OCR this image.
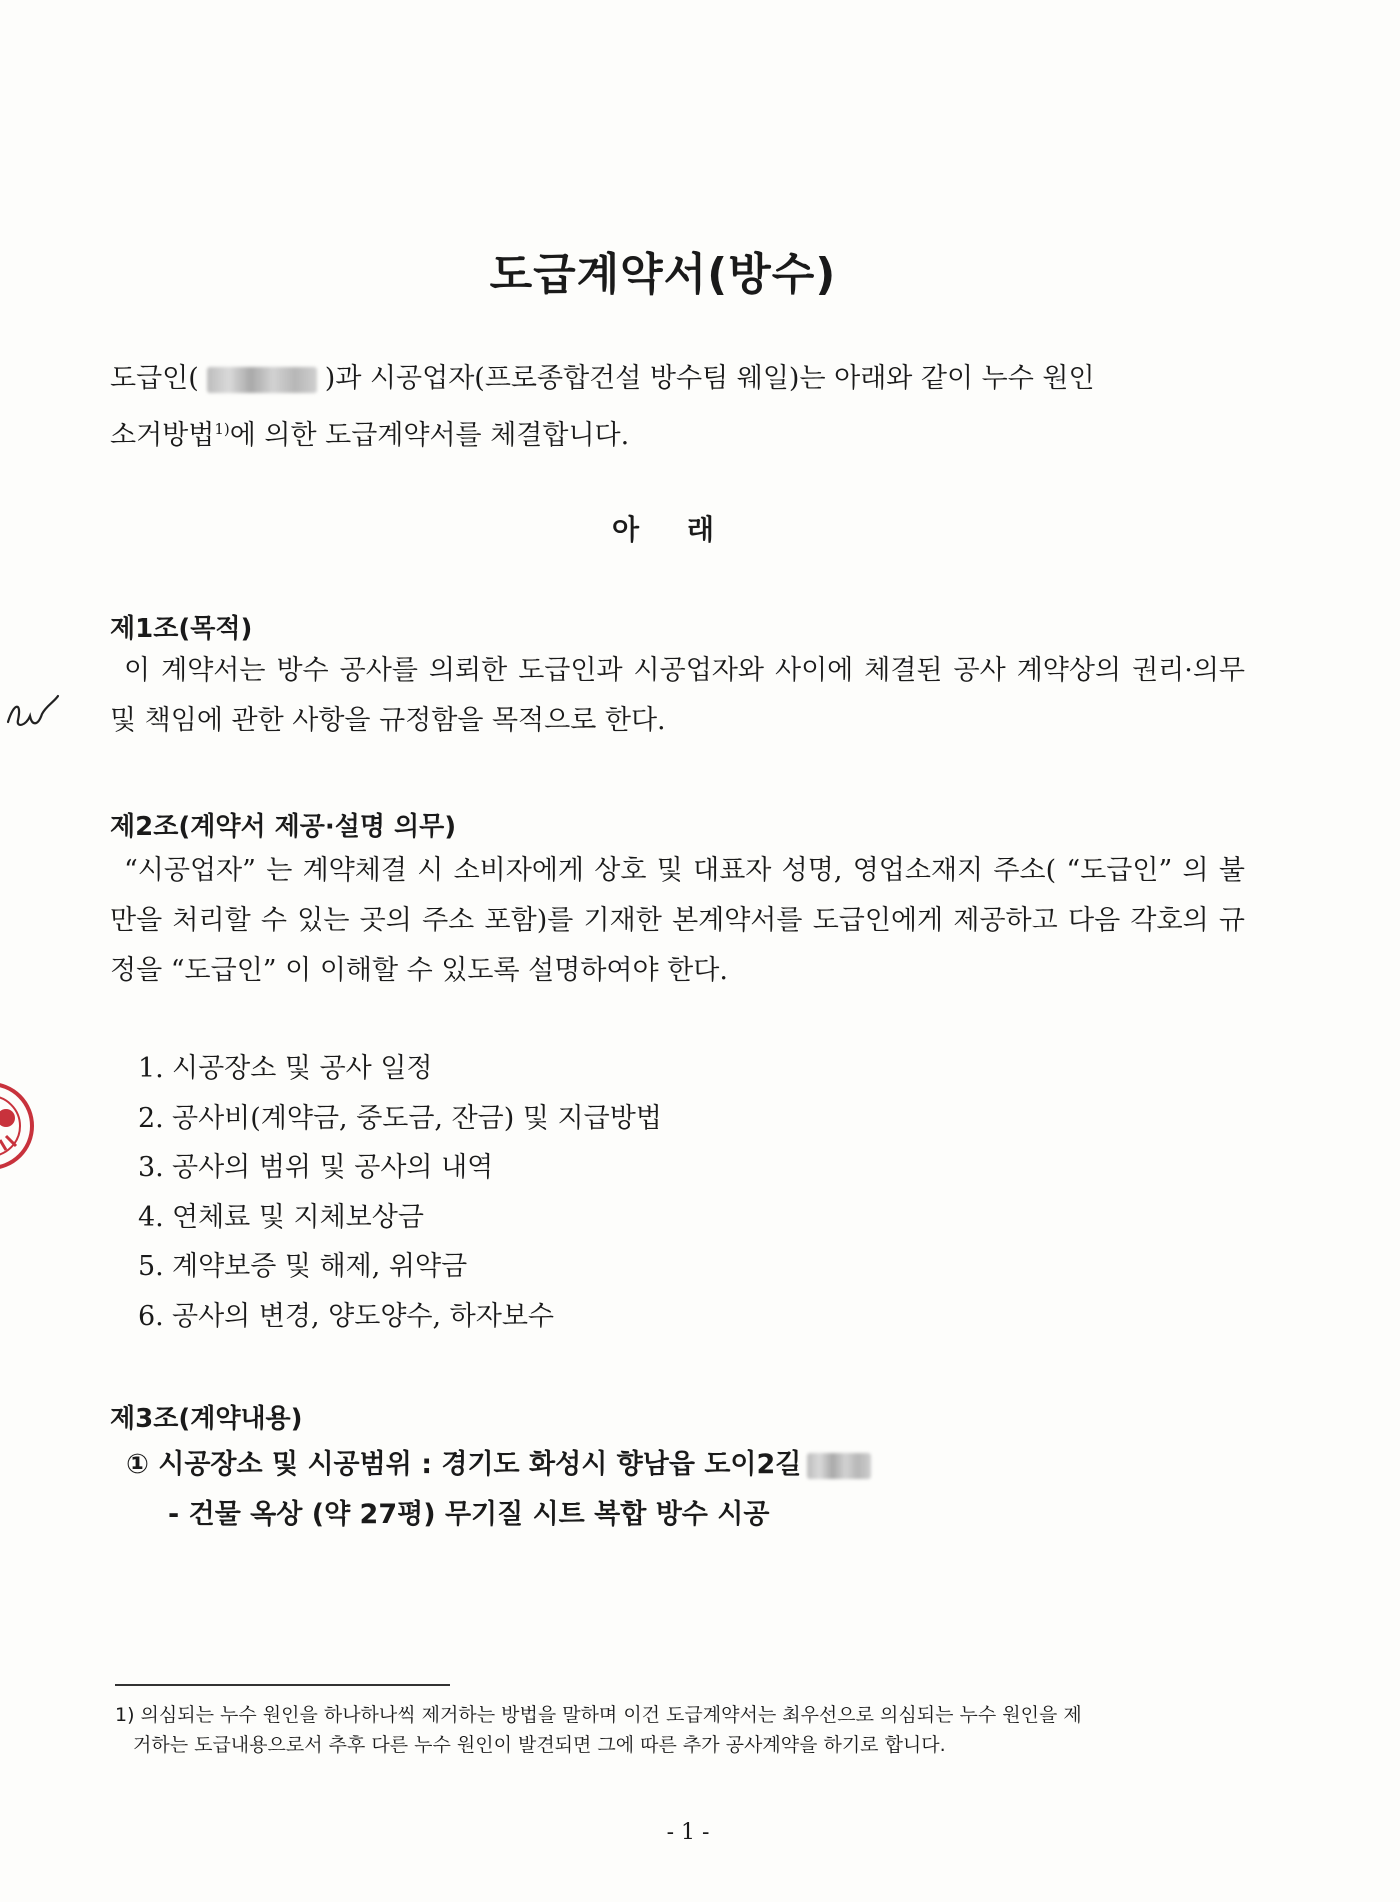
도급계약서(방수)
도급인(	)과 시공업자(프로종합건설 방수팀 웨일)는 아래와 같이 누수 원인
소거방법$^{1)}$에 의한 도급계약서를 체결합니다.
아 래
제1조(목적)
이 계약서는 방수 공사를 의뢰한 도급인과 시공업자와 사이에 체결된 공사 계약상의 권리·의무 및 책임에 관한 사항을 규정함을 목적으로 한다.
제2조(계약서 제공·설명 의무)
“시공업자” 는 계약체결 시 소비자에게 상호 및 대표자 성명, 영업소재지 주소( “도급인” 의 불만을 처리할 수 있는 곳의 주소 포함)를 기재한 본계약서를 도급인에게 제공하고 다음 각호의 규정을 “도급인” 이 이해할 수 있도록 설명하여야 한다.
1. 시공장소 및 공사 일정
2. 공사비(계약금, 중도금, 잔금) 및 지급방법
3. 공사의 범위 및 공사의 내역
4. 연체료 및 지체보상금
5. 계약보증 및 해제, 위약금
6. 공사의 변경, 양도양수, 하자보수
제3조(계약내용)
① 시공장소 및 시공범위 : 경기도 화성시 향남읍 도이2길
- 건물 옥상 (약 27평) 무기질 시트 복합 방수 시공
1) 의심되는 누수 원인을 하나하나씩 제거하는 방법을 말하며 이건 도급계약서는 최우선으로 의심되는 누수 원인을 제
거하는 도급내용으로서 추후 다른 누수 원인이 발견되면 그에 따른 추가 공사계약을 하기로 합니다.
- 1 -
